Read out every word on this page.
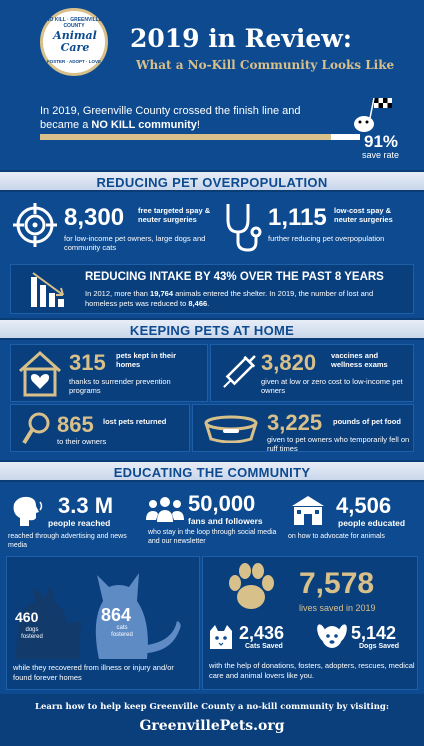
NO KILL · GREENVILLE COUNTY
Animal
Care
FOSTER · ADOPT · LOVE
2019 in Review:
What a No-Kill Community Looks Like
In 2019, Greenville County crossed the finish line and became a NO KILL community!
91%
save rate
REDUCING PET OVERPOPULATION
8,300 free targeted spay & neuter surgeries
for low-income pet owners, large dogs and community cats
1,115 low-cost spay & neuter surgeries
further reducing pet overpopulation
REDUCING INTAKE BY 43% OVER THE PAST 8 YEARS
In 2012, more than 19,764 animals entered the shelter. In 2019, the number of lost and homeless pets was reduced to 8,466.
KEEPING PETS AT HOME
315 pets kept in their homes
thanks to surrender prevention programs
3,820 vaccines and wellness exams
given at low or zero cost to low-income pet owners
865 lost pets returned
to their owners
3,225 pounds of pet food
given to pet owners who temporarily fell on ruff times
EDUCATING THE COMMUNITY
3.3 M
people reached
reached through advertising and news media
50,000
fans and followers
who stay in the loop through social media and our newsletter
4,506
people educated
on how to advocate for animals
460
dogs fostered
864
cats fostered
while they recovered from illness or injury and/or found forever homes
7,578
lives saved in 2019
2,436
Cats Saved
5,142
Dogs Saved
with the help of donations, fosters, adopters, rescues, medical care and animal lovers like you.
Learn how to help keep Greenville County a no-kill community by visiting:
GreenvillePets.org
